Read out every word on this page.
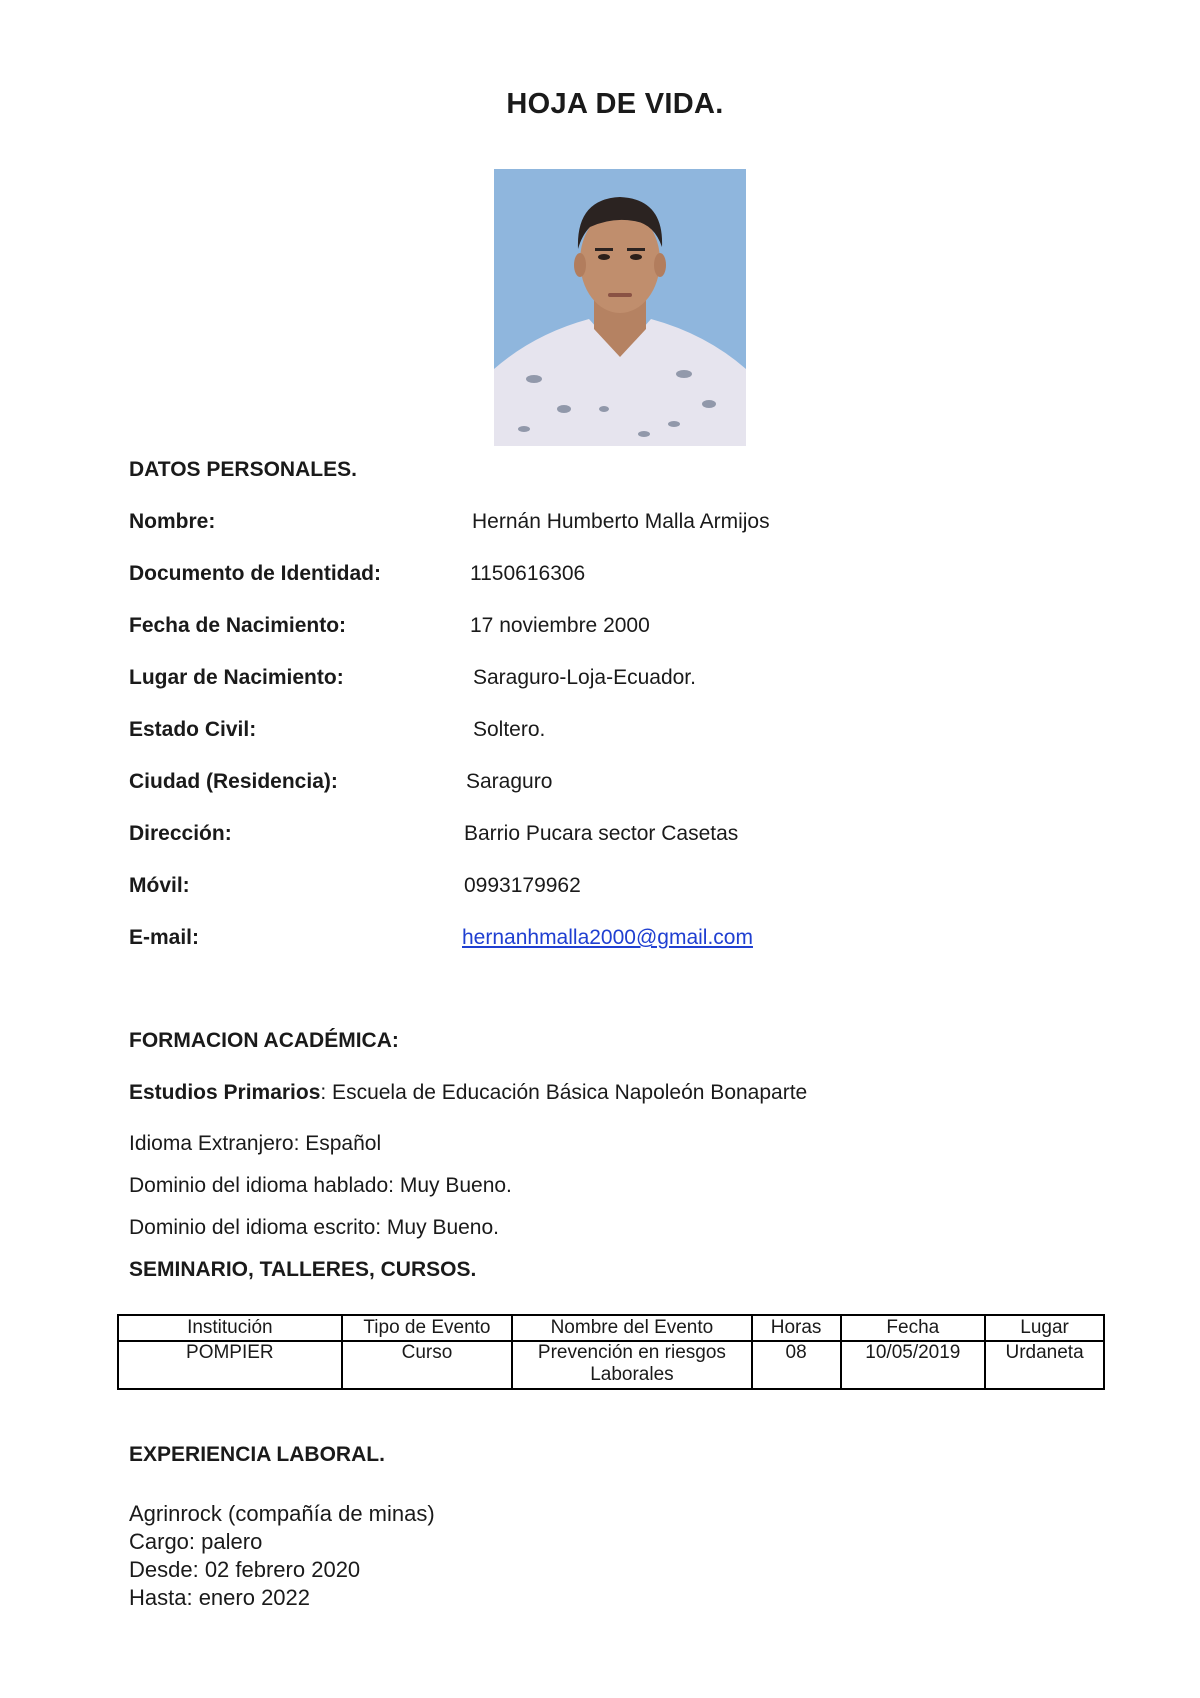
HOJA DE VIDA.
DATOS PERSONALES.
Nombre:	Hernán Humberto Malla Armijos
Documento de Identidad:	1150616306
Fecha de Nacimiento:	17 noviembre 2000
Lugar de Nacimiento:	Saraguro-Loja-Ecuador.
Estado Civil:	Soltero.
Ciudad (Residencia):	Saraguro
Dirección:	Barrio Pucara sector Casetas
Móvil:	0993179962
E-mail:	hernanhmalla2000@gmail.com
FORMACION ACADÉMICA:
Estudios Primarios: Escuela de Educación Básica Napoleón Bonaparte
Idioma Extranjero: Español
Dominio del idioma hablado: Muy Bueno.
Dominio del idioma escrito: Muy Bueno.
SEMINARIO, TALLERES, CURSOS.
Institución	Tipo de Evento	Nombre del Evento	Horas	Fecha	Lugar
POMPIER	Curso	Prevención en riesgos Laborales	08	10/05/2019	Urdaneta
EXPERIENCIA LABORAL.
Agrinrock (compañía de minas)
Cargo: palero
Desde: 02 febrero 2020
Hasta: enero 2022
